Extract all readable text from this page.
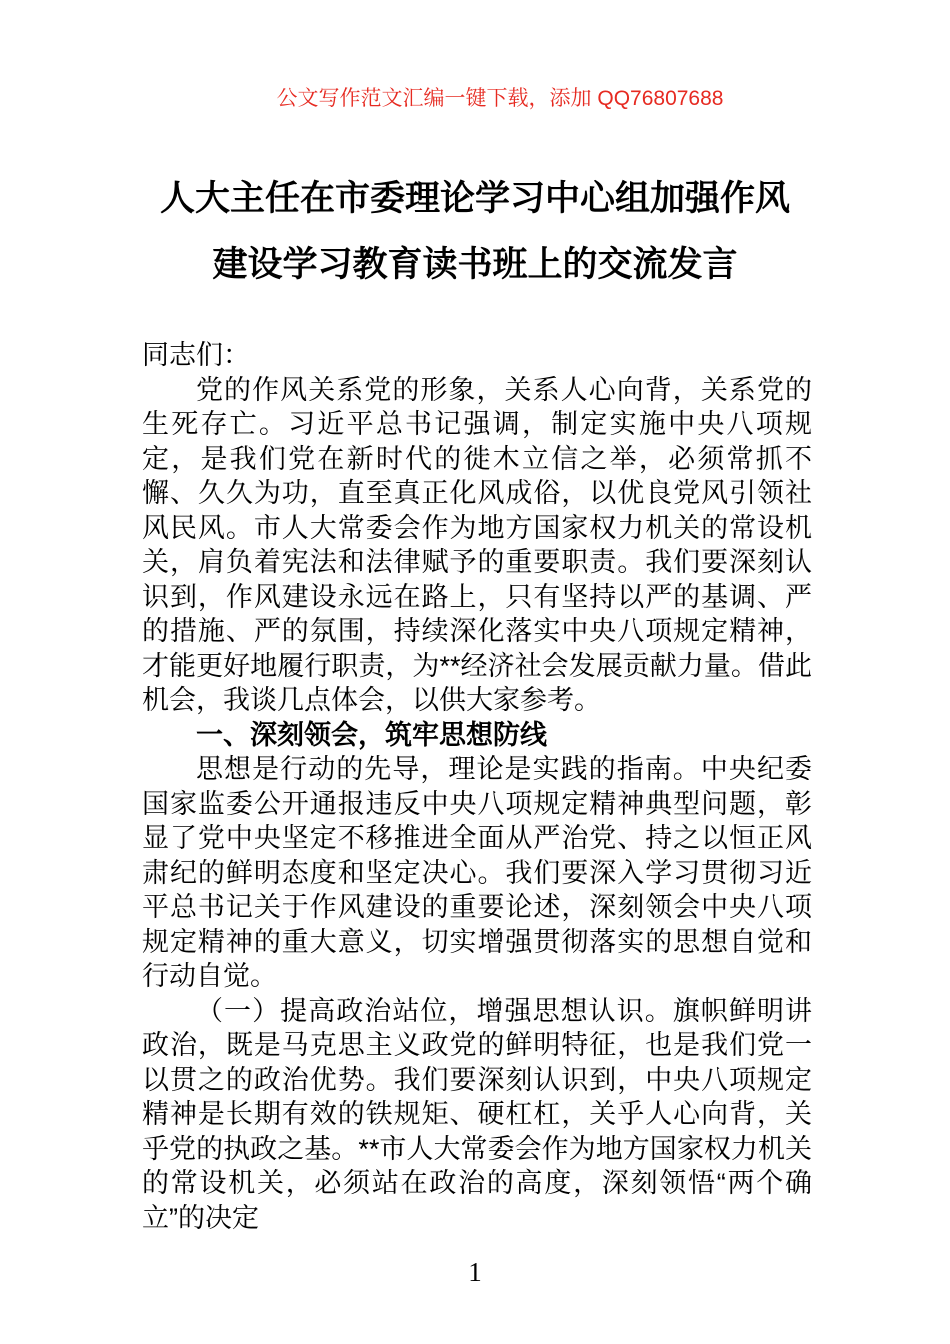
公文写作范文汇编一键下载，添加 QQ76807688
人大主任在市委理论学习中心组加强作风
建设学习教育读书班上的交流发言

同志们：

党的作风关系党的形象，关系人心向背，关系党的生死存亡。习近平总书记强调，制定实施中央八项规定，是我们党在新时代的徙木立信之举，必须常抓不懈、久久为功，直至真正化风成俗，以优良党风引领社风民风。市人大常委会作为地方国家权力机关的常设机关，肩负着宪法和法律赋予的重要职责。我们要深刻认识到，作风建设永远在路上，只有坚持以严的基调、严的措施、严的氛围，持续深化落实中央八项规定精神，才能更好地履行职责，为**经济社会发展贡献力量。借此机会，我谈几点体会，以供大家参考。

一、深刻领会，筑牢思想防线

思想是行动的先导，理论是实践的指南。中央纪委国家监委公开通报违反中央八项规定精神典型问题，彰显了党中央坚定不移推进全面从严治党、持之以恒正风肃纪的鲜明态度和坚定决心。我们要深入学习贯彻习近平总书记关于作风建设的重要论述，深刻领会中央八项规定精神的重大意义，切实增强贯彻落实的思想自觉和行动自觉。

（一）提高政治站位，增强思想认识。旗帜鲜明讲政治，既是马克思主义政党的鲜明特征，也是我们党一以贯之的政治优势。我们要深刻认识到，中央八项规定精神是长期有效的铁规矩、硬杠杠，关乎人心向背，关乎党的执政之基。**市人大常委会作为地方国家权力机关的常设机关，必须站在政治的高度，深刻领悟“两个确立”的决定

1
